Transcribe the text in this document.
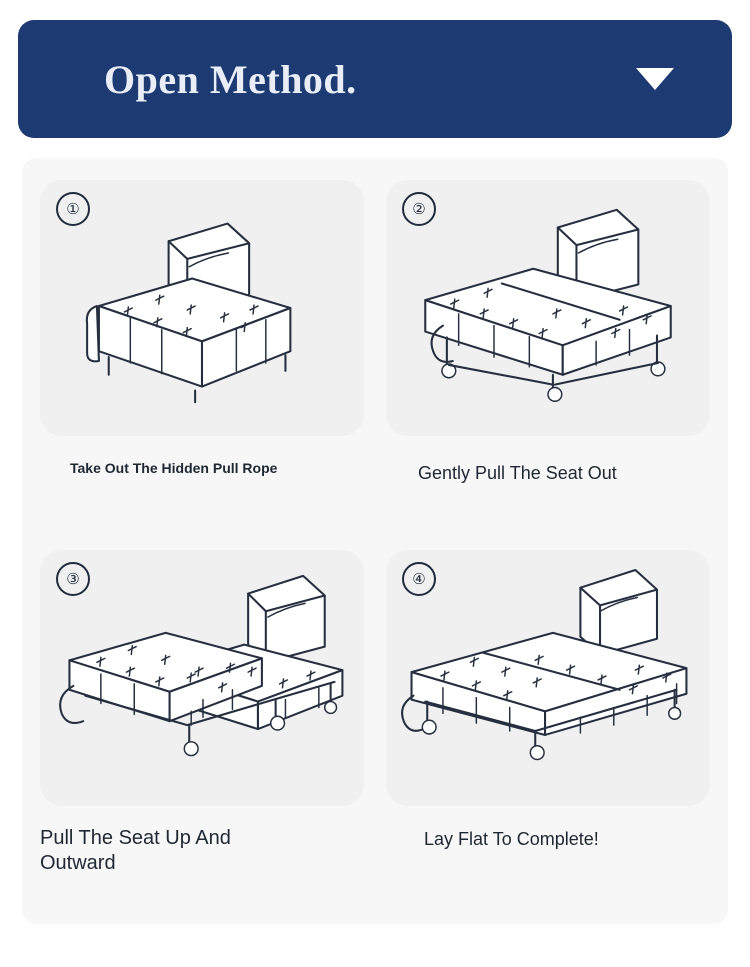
Open Method.
①
Take Out The Hidden Pull Rope
②
Gently Pull The Seat Out
③
Pull The Seat Up And Outward
④
Lay Flat To Complete!
